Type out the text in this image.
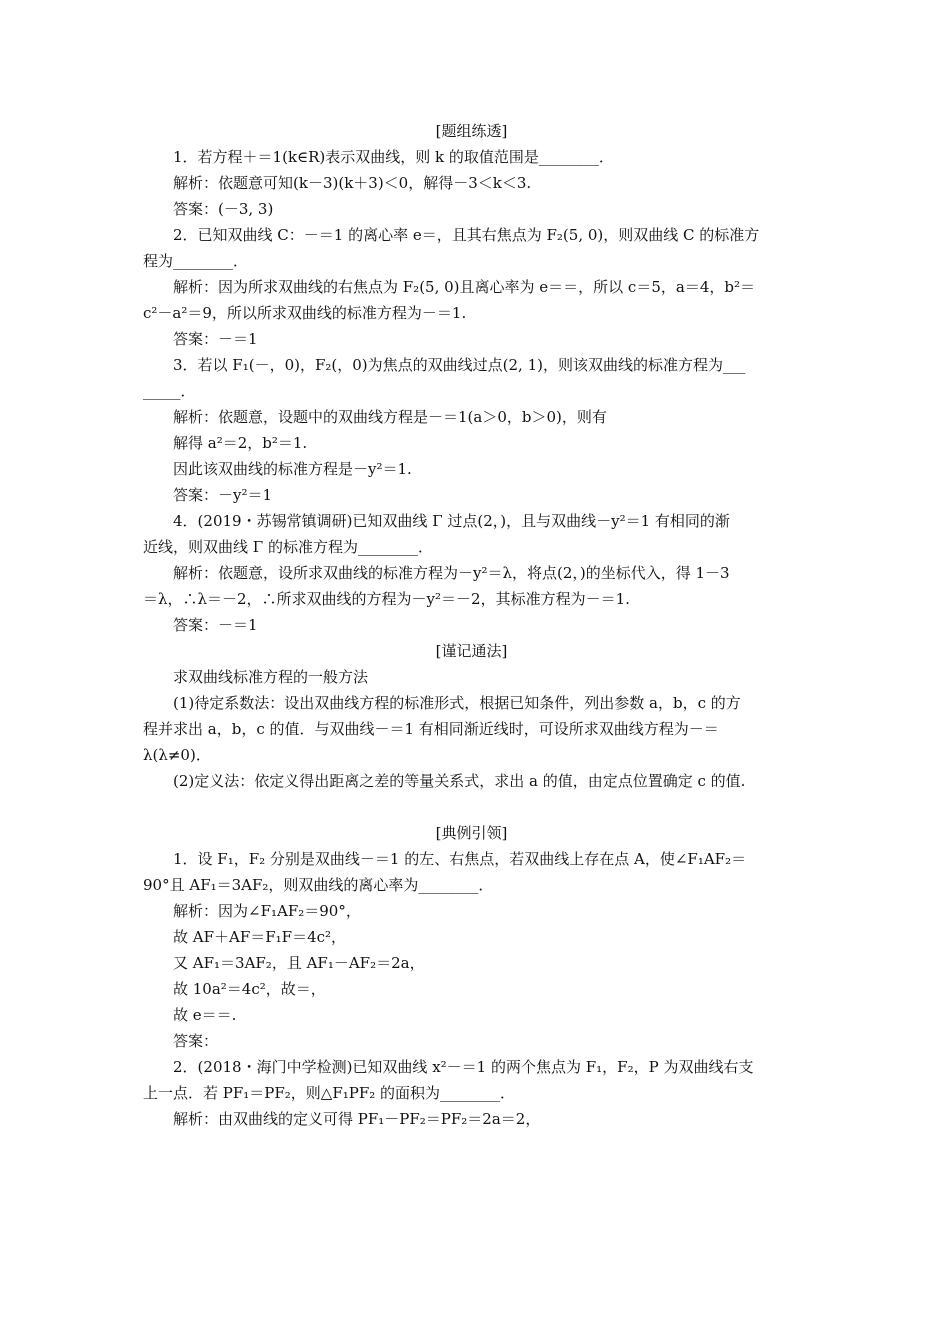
[题组练透]

1．若方程＋＝1(k∈R)表示双曲线，则 k 的取值范围是________．

解析：依题意可知(k－3)(k＋3)＜0，解得－3＜k＜3.

答案：(－3, 3)

2．已知双曲线 C：－＝1 的离心率 e＝，且其右焦点为 F₂(5, 0)，则双曲线 C 的标准方

程为________．

解析：因为所求双曲线的右焦点为 F₂(5, 0)且离心率为 e＝＝，所以 c＝5，a＝4，b²＝

c²－a²＝9，所以所求双曲线的标准方程为－＝1.

答案：－＝1

3．若以 F₁(－，0)，F₂(，0)为焦点的双曲线过点(2, 1)，则该双曲线的标准方程为___

_____．

解析：依题意，设题中的双曲线方程是－＝1(a＞0，b＞0)，则有

解得 a²＝2，b²＝1.

因此该双曲线的标准方程是－y²＝1.

答案：－y²＝1

4．(2019・苏锡常镇调研)已知双曲线 Γ 过点(2，)，且与双曲线－y²＝1 有相同的渐

近线，则双曲线 Γ 的标准方程为________．

解析：依题意，设所求双曲线的标准方程为－y²＝λ，将点(2，)的坐标代入，得 1－3

＝λ，∴λ＝－2，∴所求双曲线的方程为－y²＝－2，其标准方程为－＝1.

答案：－＝1

[谨记通法]

求双曲线标准方程的一般方法

(1)待定系数法：设出双曲线方程的标准形式，根据已知条件，列出参数 a，b，c 的方

程并求出 a，b，c 的值．与双曲线－＝1 有相同渐近线时，可设所求双曲线方程为－＝

λ(λ≠0)．

(2)定义法：依定义得出距离之差的等量关系式，求出 a 的值，由定点位置确定 c 的值.

[典例引领]

1．设 F₁，F₂ 分别是双曲线－＝1 的左、右焦点，若双曲线上存在点 A，使∠F₁AF₂＝

90°且 AF₁＝3AF₂，则双曲线的离心率为________．

解析：因为∠F₁AF₂＝90°，

故 AF＋AF＝F₁F＝4c²，

又 AF₁＝3AF₂，且 AF₁－AF₂＝2a，

故 10a²＝4c²，故＝，

故 e＝＝.

答案：

2．(2018・海门中学检测)已知双曲线 x²－＝1 的两个焦点为 F₁，F₂，P 为双曲线右支

上一点．若 PF₁＝PF₂，则△F₁PF₂ 的面积为________．

解析：由双曲线的定义可得 PF₁－PF₂＝PF₂＝2a＝2，
